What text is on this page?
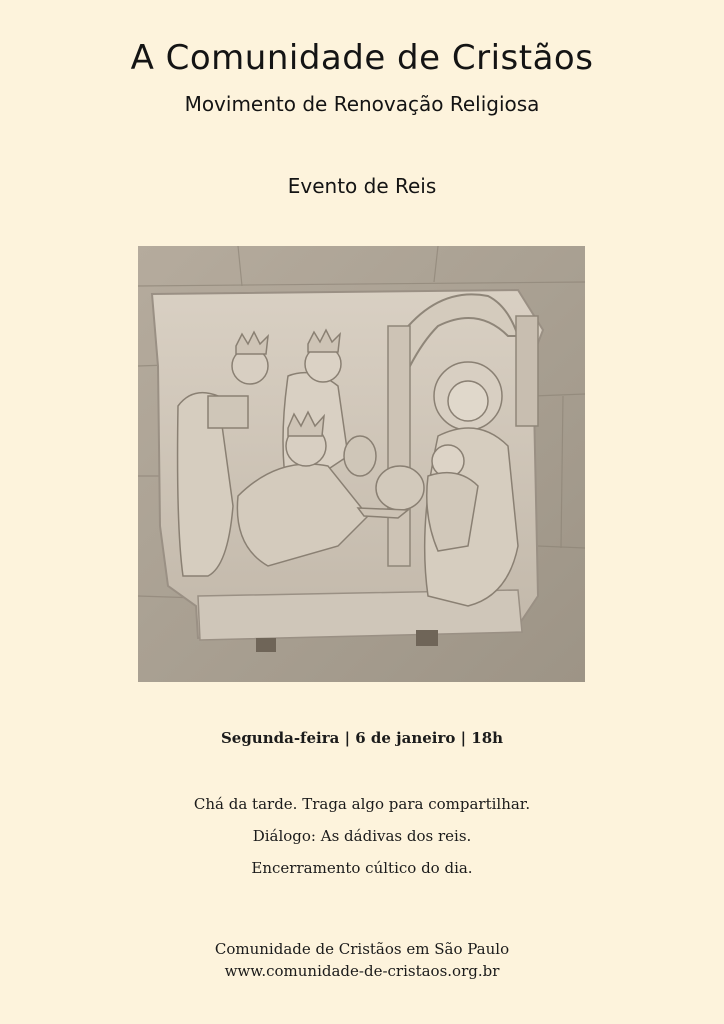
A Comunidade de Cristãos
Movimento de Renovação Religiosa
Evento de Reis
Segunda-feira | 6 de janeiro | 18h
Chá da tarde. Traga algo para compartilhar.
Diálogo: As dádivas dos reis.
Encerramento cúltico do dia.
Comunidade de Cristãos em São Paulo
www.comunidade-de-cristaos.org.br
